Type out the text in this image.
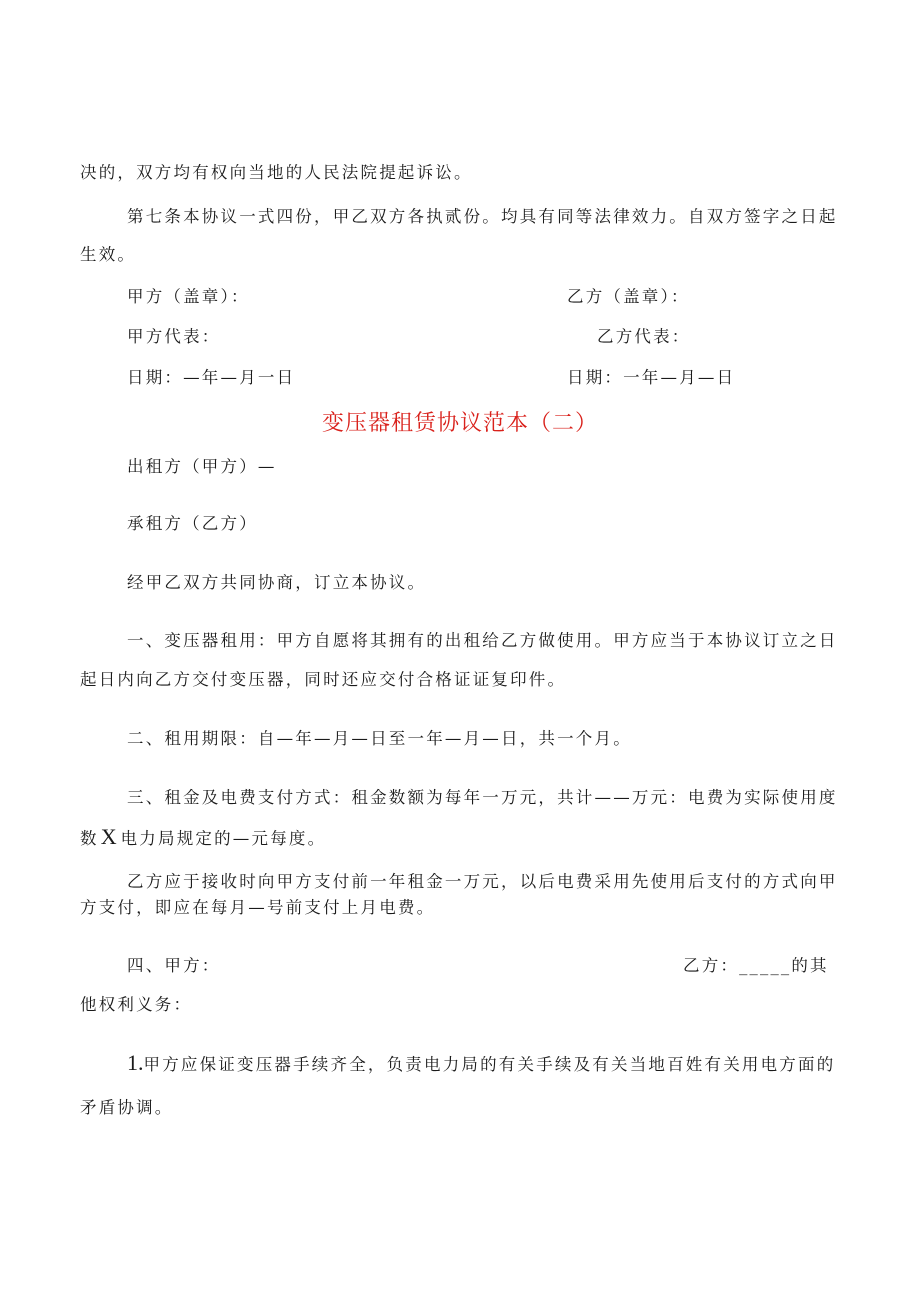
决的，双方均有权向当地的人民法院提起诉讼。
第七条本协议一式四份，甲乙双方各执贰份。均具有同等法律效力。自双方签字之日起
生效。
甲方（盖章）：	乙方（盖章）：
甲方代表：	乙方代表：
日期：—年—月一日	日期：一年—月—日
变压器租赁协议范本（二）
出租方（甲方）—
承租方（乙方）
经甲乙双方共同协商，订立本协议。
一、变压器租用：甲方自愿将其拥有的出租给乙方做使用。甲方应当于本协议订立之日
起日内向乙方交付变压器，同时还应交付合格证证复印件。
二、租用期限：自—年—月—日至一年—月—日，共一个月。
三、租金及电费支付方式：租金数额为每年一万元，共计——万元：电费为实际使用度
数X 电力局规定的—元每度。
乙方应于接收时向甲方支付前一年租金一万元，以后电费采用先使用后支付的方式向甲
方支付，即应在每月—号前支付上月电费。
四、甲方：	乙方：_____的其
他权利义务：
1.甲方应保证变压器手续齐全，负责电力局的有关手续及有关当地百姓有关用电方面的
矛盾协调。
